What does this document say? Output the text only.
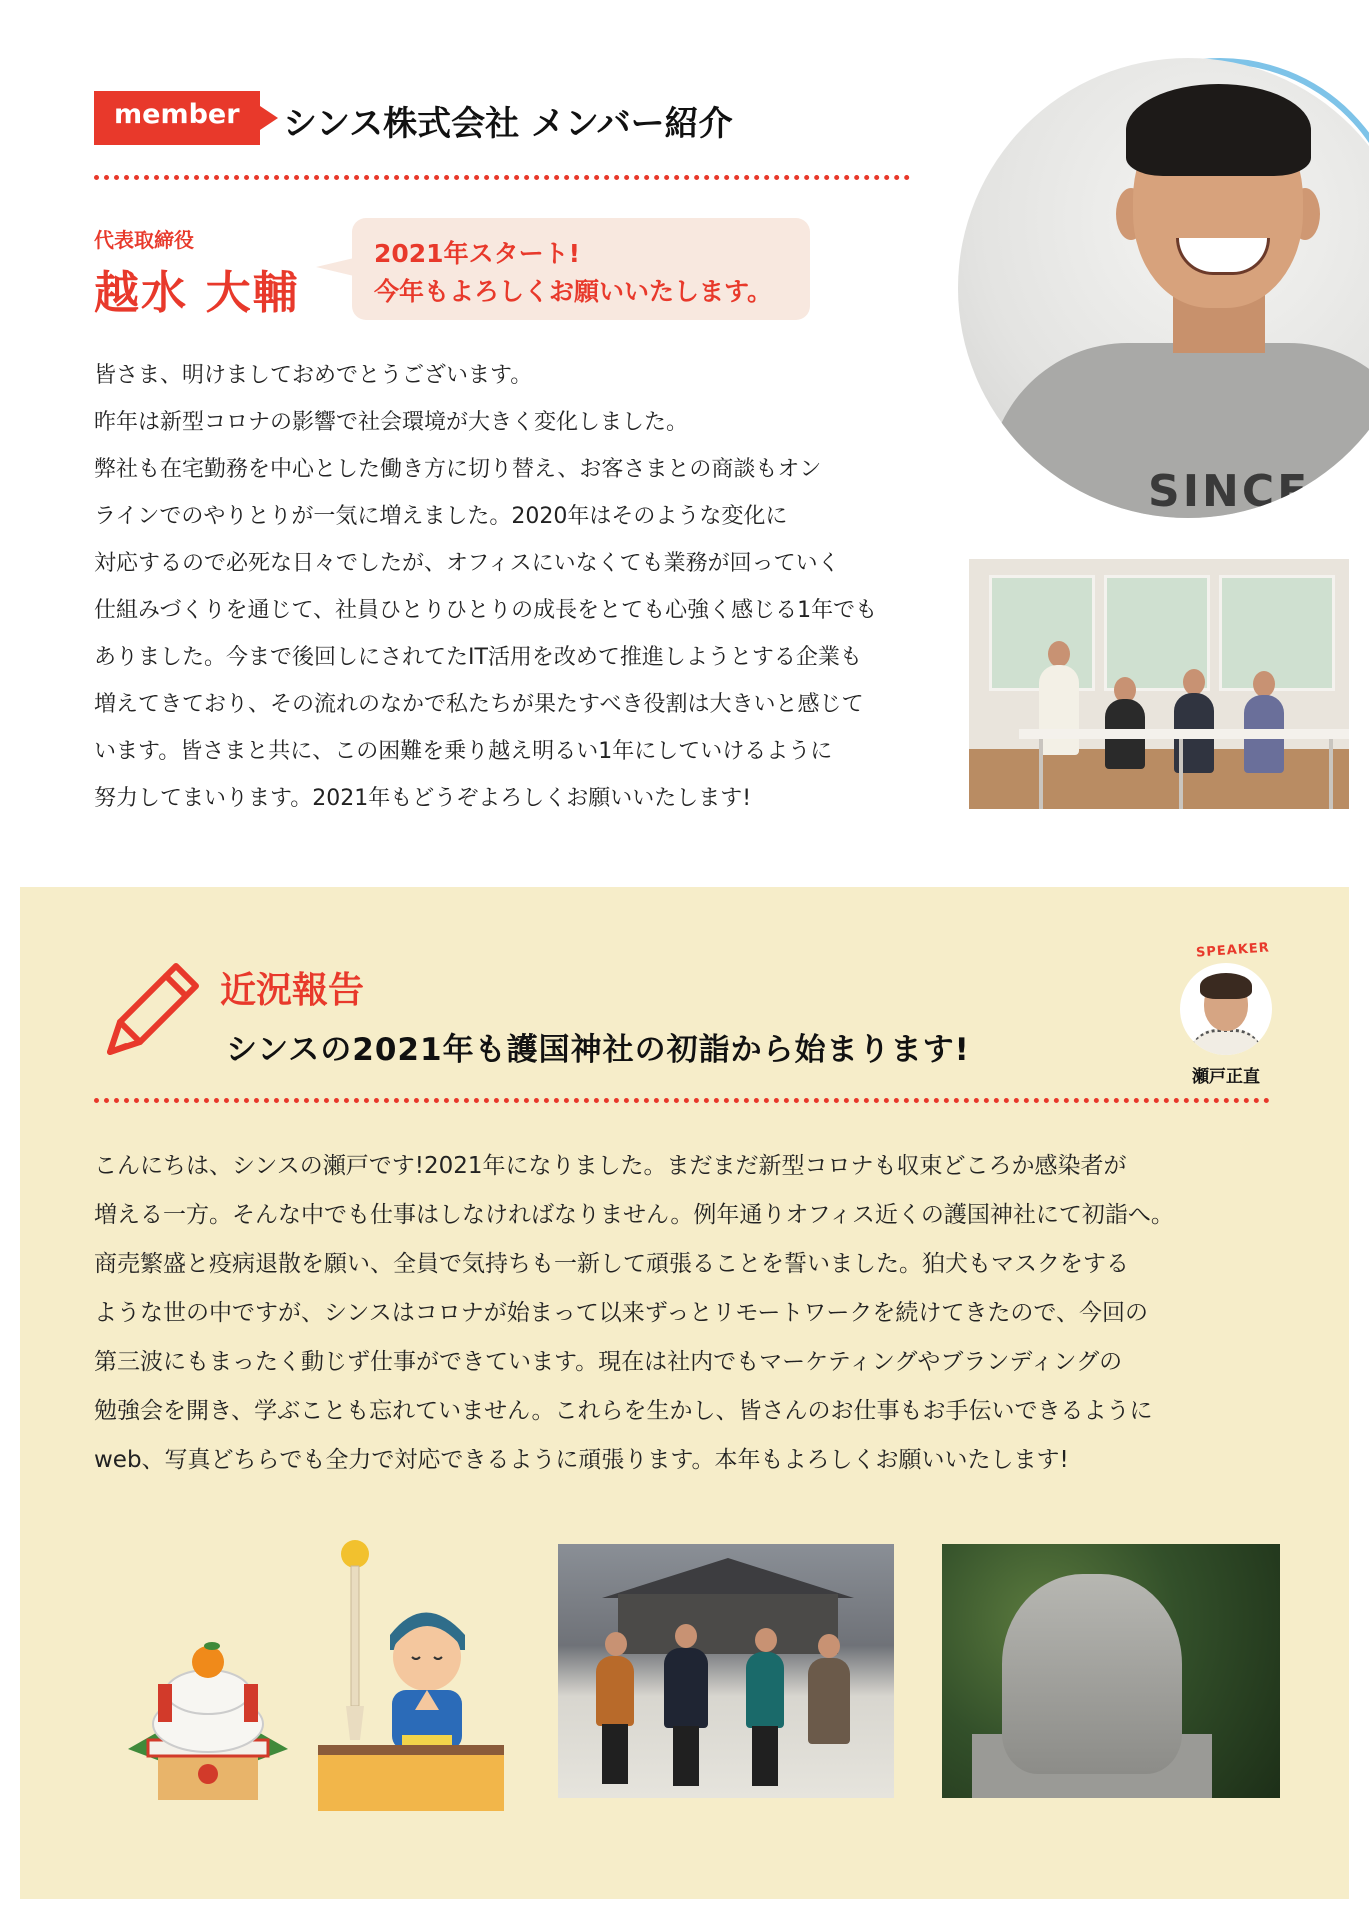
member シンス株式会社 メンバー紹介
代表取締役
越水 大輔
2021年スタート!
今年もよろしくお願いいたします。

皆さま、明けましておめでとうございます。

昨年は新型コロナの影響で社会環境が大きく変化しました。

弊社も在宅勤務を中心とした働き方に切り替え、お客さまとの商談もオン

ラインでのやりとりが一気に増えました。2020年はそのような変化に

対応するので必死な日々でしたが、オフィスにいなくても業務が回っていく

仕組みづくりを通じて、社員ひとりひとりの成長をとても心強く感じる1年でも

ありました。今まで後回しにされてたIT活用を改めて推進しようとする企業も

増えてきており、その流れのなかで私たちが果たすべき役割は大きいと感じて

います。皆さまと共に、この困難を乗り越え明るい1年にしていけるように

努力してまいります。2021年もどうぞよろしくお願いいたします!

SINCE
近況報告
シンスの2021年も護国神社の初詣から始まります!
SPEAKER
瀬戸正直

こんにちは、シンスの瀬戸です!2021年になりました。まだまだ新型コロナも収束どころか感染者が

増える一方。そんな中でも仕事はしなければなりません。例年通りオフィス近くの護国神社にて初詣へ。

商売繁盛と疫病退散を願い、全員で気持ちも一新して頑張ることを誓いました。狛犬もマスクをする

ような世の中ですが、シンスはコロナが始まって以来ずっとリモートワークを続けてきたので、今回の

第三波にもまったく動じず仕事ができています。現在は社内でもマーケティングやブランディングの

勉強会を開き、学ぶことも忘れていません。これらを生かし、皆さんのお仕事もお手伝いできるように

web、写真どちらでも全力で対応できるように頑張ります。本年もよろしくお願いいたします!
